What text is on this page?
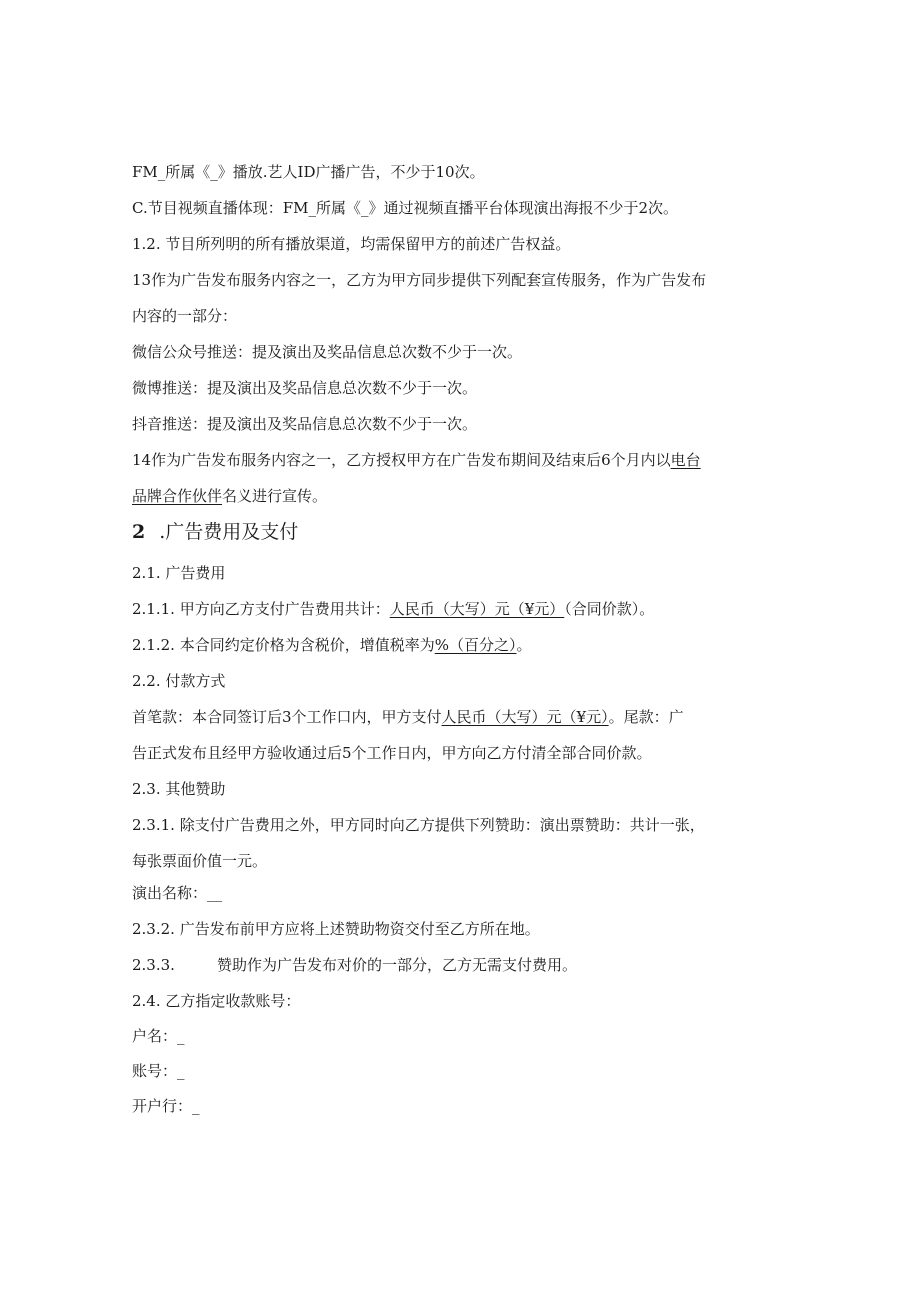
FM_所属《_》播放.艺人ID广播广告，不少于10次。
C.节目视频直播体现：FM_所属《_》通过视频直播平台体现演出海报不少于2次。
1.2. 节目所列明的所有播放渠道，均需保留甲方的前述广告权益。
13作为广告发布服务内容之一，乙方为甲方同步提供下列配套宣传服务，作为广告发布
内容的一部分：
微信公众号推送：提及演出及奖品信息总次数不少于一次。
微博推送：提及演出及奖品信息总次数不少于一次。
抖音推送：提及演出及奖品信息总次数不少于一次。
14作为广告发布服务内容之一，乙方授权甲方在广告发布期间及结束后6个月内以电台
品牌合作伙伴名义进行宣传。
2 .广告费用及支付
2.1. 广告费用
2.1.1. 甲方向乙方支付广告费用共计：人民币（大写）元（¥元）（合同价款）。
2.1.2. 本合同约定价格为含税价，增值税率为%（百分之）。
2.2. 付款方式
首笔款：本合同签订后3个工作口内，甲方支付人民币（大写）元（¥元）。尾款：广
告正式发布且经甲方验收通过后5个工作日内，甲方向乙方付清全部合同价款。
2.3. 其他赞助
2.3.1. 除支付广告费用之外，甲方同时向乙方提供下列赞助：演出票赞助：共计一张，
每张票面价值一元。
演出名称：__
2.3.2. 广告发布前甲方应将上述赞助物资交付至乙方所在地。
2.3.3.	赞助作为广告发布对价的一部分，乙方无需支付费用。
2.4. 乙方指定收款账号：
户名：_
账号：_
开户行：_
